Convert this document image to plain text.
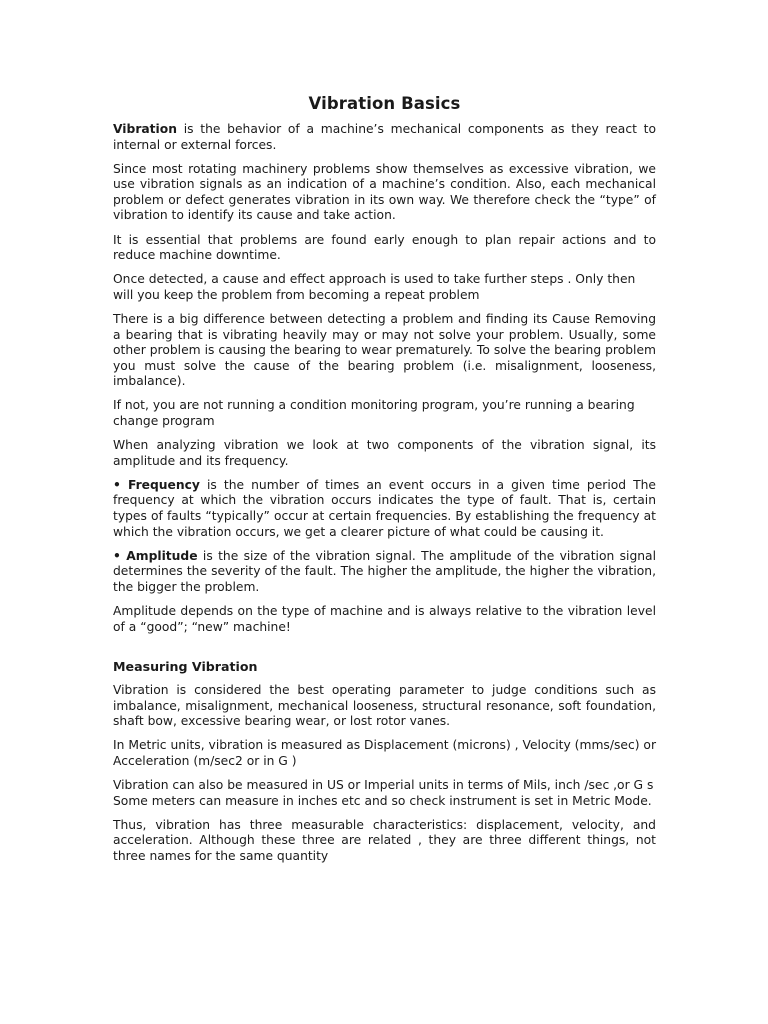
Vibration Basics

Vibration is the behavior of a machine’s mechanical components as they react to internal or external forces.

Since most rotating machinery problems show themselves as excessive vibration, we use vibration signals as an indication of a machine’s condition. Also, each mechanical problem or defect generates vibration in its own way. We therefore check the “type” of vibration to identify its cause and take action.

It is essential that problems are found early enough to plan repair actions and to reduce machine downtime.

Once detected, a cause and effect approach is used to take further steps . Only then will you keep the problem from becoming a repeat problem

There is a big difference between detecting a problem and finding its Cause Removing a bearing that is vibrating heavily may or may not solve your problem. Usually, some other problem is causing the bearing to wear prematurely. To solve the bearing problem you must solve the cause of the bearing problem (i.e. misalignment, looseness, imbalance).

If not, you are not running a condition monitoring program, you’re running a bearing change program

When analyzing vibration we look at two components of the vibration signal, its amplitude and its frequency.

• Frequency is the number of times an event occurs in a given time period The frequency at which the vibration occurs indicates the type of fault. That is, certain types of faults “typically” occur at certain frequencies. By establishing the frequency at which the vibration occurs, we get a clearer picture of what could be causing it.

• Amplitude is the size of the vibration signal. The amplitude of the vibration signal determines the severity of the fault. The higher the amplitude, the higher the vibration, the bigger the problem.

Amplitude depends on the type of machine and is always relative to the vibration level of a “good”; “new” machine!

Measuring Vibration

Vibration is considered the best operating parameter to judge conditions such as imbalance, misalignment, mechanical looseness, structural resonance, soft foundation, shaft bow, excessive bearing wear, or lost rotor vanes.

In Metric units, vibration is measured as Displacement (microns) , Velocity (mms/sec) or Acceleration (m/sec2 or in G )

Vibration can also be measured in US or Imperial units in terms of Mils, inch /sec ,or G s Some meters can measure in inches etc and so check instrument is set in Metric Mode.

Thus, vibration has three measurable characteristics: displacement, velocity, and acceleration. Although these three are related , they are three different things, not three names for the same quantity
